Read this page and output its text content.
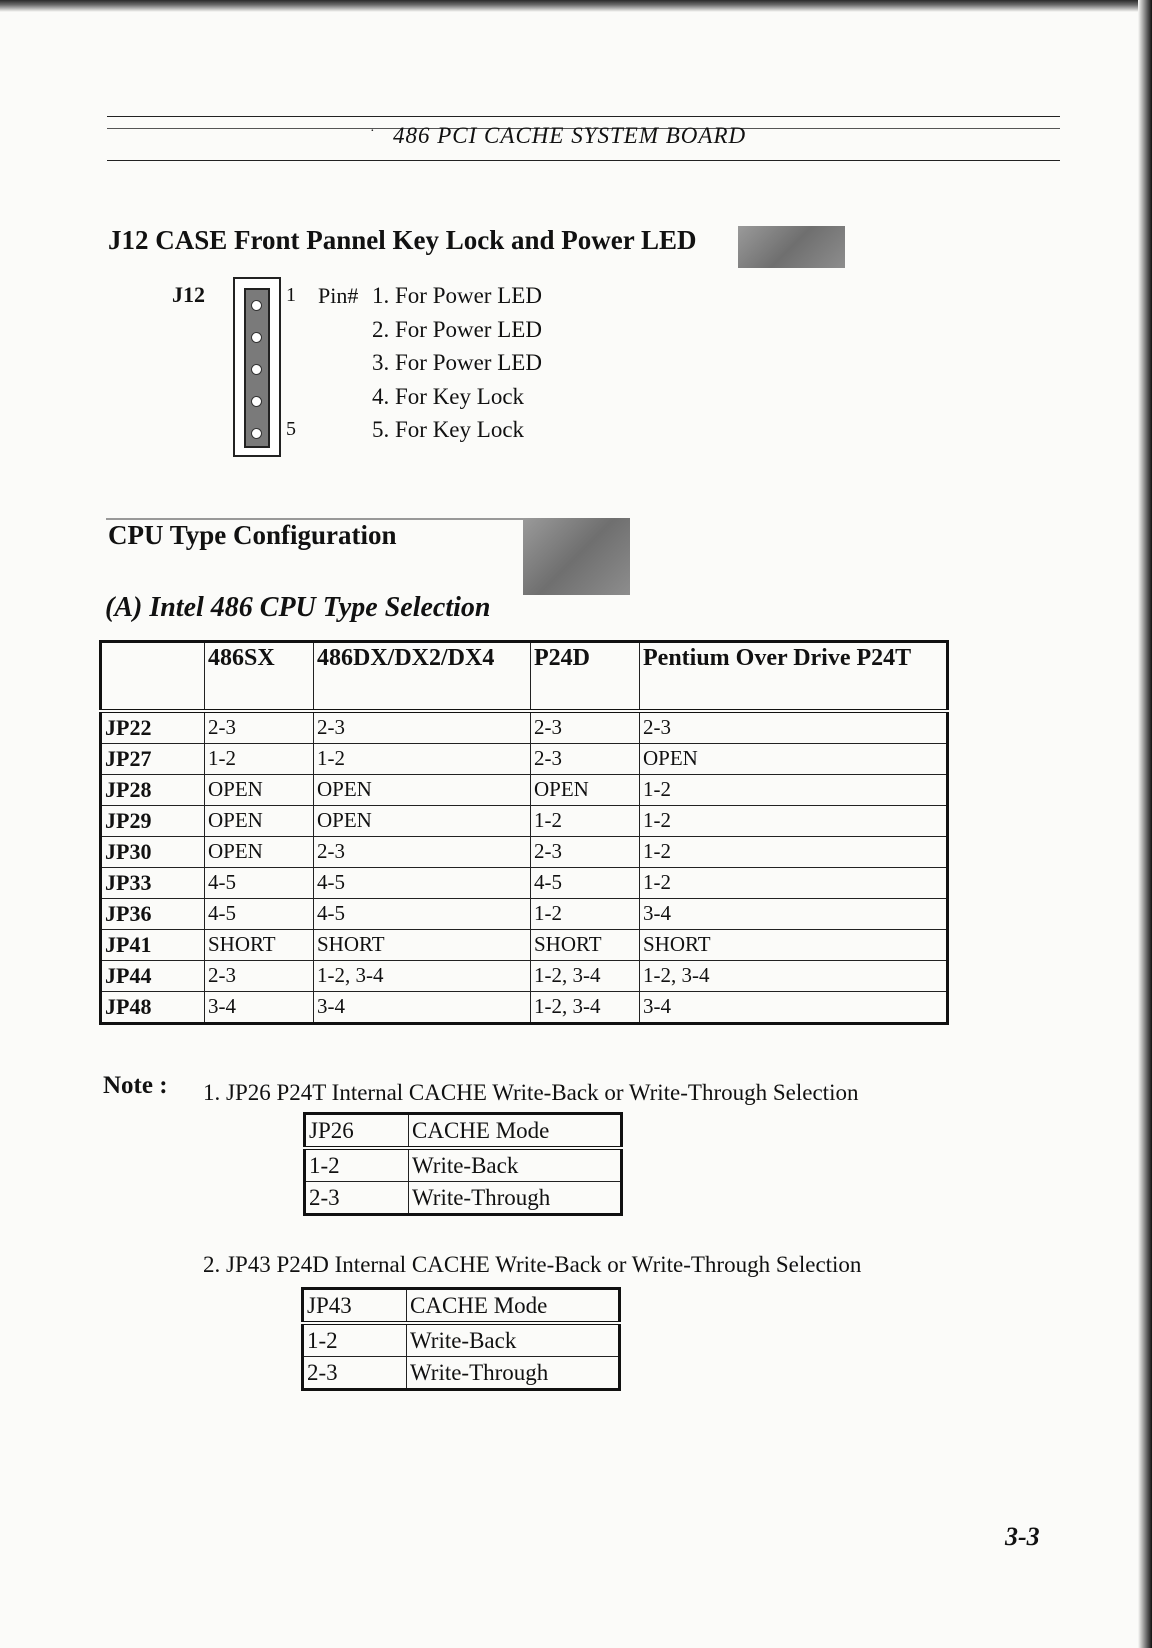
· 486 PCI CACHE SYSTEM BOARD
J12 CASE Front Pannel Key Lock and Power LED
J12	1
5
Pin# 1. For Power LED
2. For Power LED
3. For Power LED
4. For Key Lock
5. For Key Lock
CPU Type Configuration
(A) Intel 486 CPU Type Selection
	486SX	486DX/DX2/DX4	P24D	Pentium Over Drive P24T
JP22	2-3	2-3	2-3	2-3
JP27	1-2	1-2	2-3	OPEN
JP28	OPEN	OPEN	OPEN	1-2
JP29	OPEN	OPEN	1-2	1-2
JP30	OPEN	2-3	2-3	1-2
JP33	4-5	4-5	4-5	1-2
JP36	4-5	4-5	1-2	3-4
JP41	SHORT	SHORT	SHORT	SHORT
JP44	2-3	1-2, 3-4	1-2, 3-4	1-2, 3-4
JP48	3-4	3-4	1-2, 3-4	3-4
Note : 1. JP26 P24T Internal CACHE Write-Back or Write-Through Selection
JP26	CACHE Mode
1-2	Write-Back
2-3	Write-Through
2. JP43 P24D Internal CACHE Write-Back or Write-Through Selection
JP43	CACHE Mode
1-2	Write-Back
2-3	Write-Through
3-3
